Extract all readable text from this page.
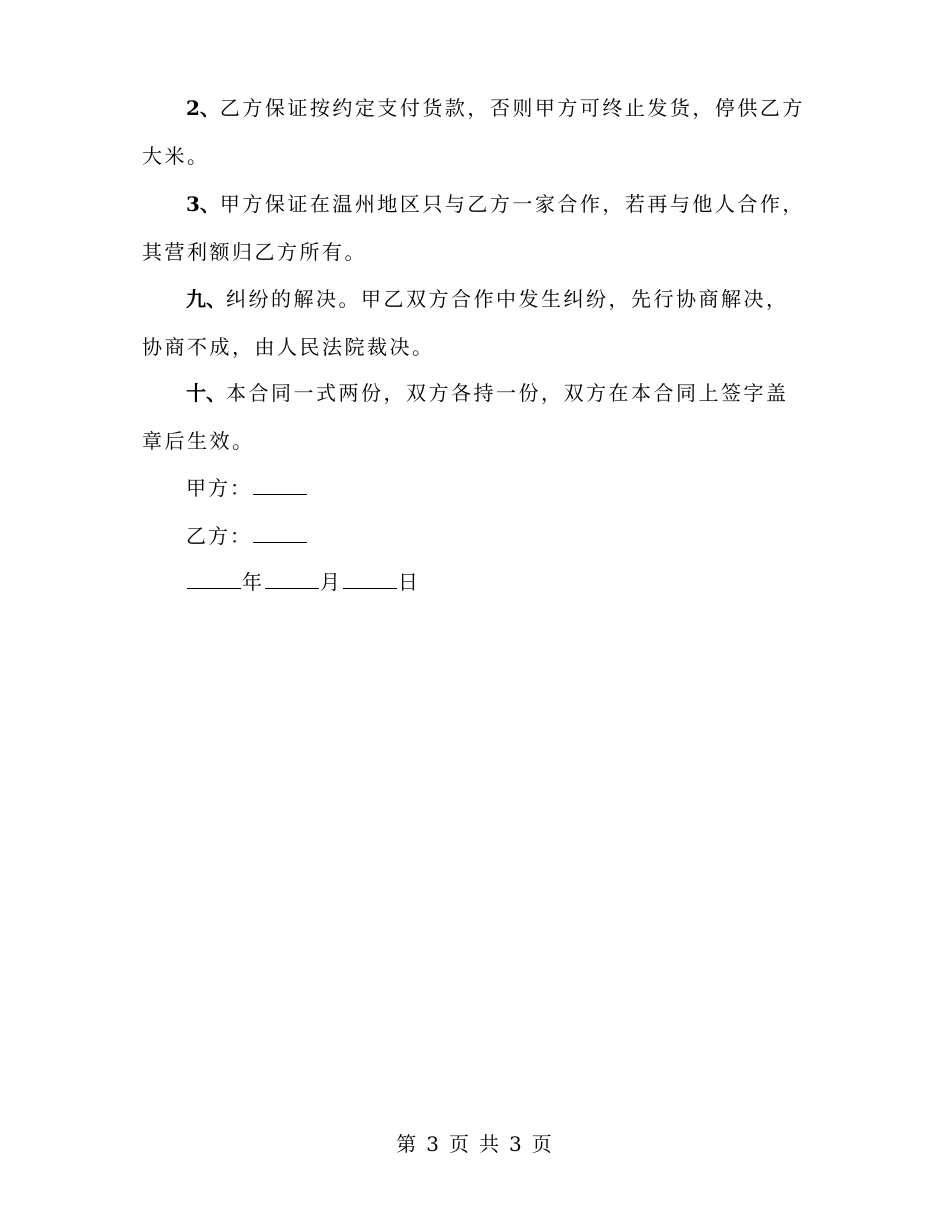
2、乙方保证按约定支付货款，否则甲方可终止发货，停供乙方大米。

3、甲方保证在温州地区只与乙方一家合作，若再与他人合作，其营利额归乙方所有。

九、纠纷的解决。甲乙双方合作中发生纠纷，先行协商解决，协商不成，由人民法院裁决。

十、本合同一式两份，双方各持一份，双方在本合同上签字盖章后生效。

甲方：
乙方：
年	月	日
第 3 页 共 3 页
